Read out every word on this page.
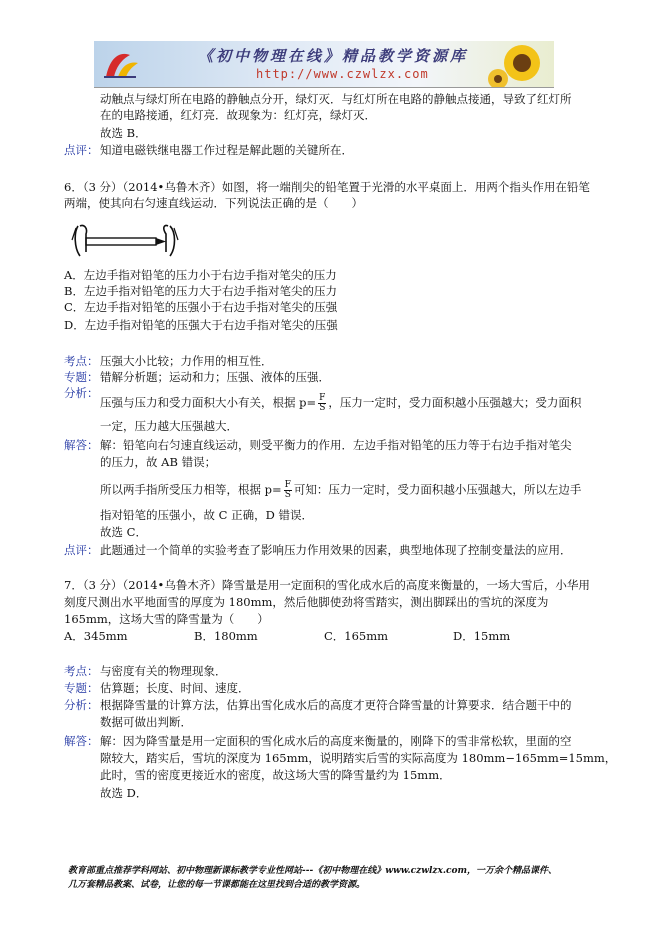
《初中物理在线》精品教学资源库
http://www.czwlzx.com
动触点与绿灯所在电路的静触点分开，绿灯灭．与红灯所在电路的静触点接通，导致了红灯所
在的电路接通，红灯亮．故现象为：红灯亮，绿灯灭．
故选 B．
点评： 知道电磁铁继电器工作过程是解此题的关键所在．
6．（3 分）（2014•乌鲁木齐）如图，将一端削尖的铅笔置于光滑的水平桌面上．用两个指头作用在铅笔
两端，使其向右匀速直线运动．下列说法正确的是（　　）
A．左边手指对铅笔的压力小于右边手指对笔尖的压力
B．左边手指对铅笔的压力大于右边手指对笔尖的压力
C．左边手指对铅笔的压强小于右边手指对笔尖的压强
D．左边手指对铅笔的压强大于右边手指对笔尖的压强
考点： 压强大小比较；力作用的相互性．
专题： 错解分析题；运动和力；压强、液体的压强．
分析：
压强与压力和受力面积大小有关，根据 $p= \frac{F}{S}$ ，压力一定时，受力面积越小压强越大；受力面积
一定，压力越大压强越大．
解答： 解：铅笔向右匀速直线运动，则受平衡力的作用．左边手指对铅笔的压力等于右边手指对笔尖
的压力，故 AB 错误；
所以两手指所受压力相等，根据 $p= \frac{F}{S}$ 可知：压力一定时，受力面积越小压强越大，所以左边手
指对铅笔的压强小，故 C 正确，D 错误．
故选 C．
点评： 此题通过一个简单的实验考查了影响压力作用效果的因素，典型地体现了控制变量法的应用．
7．（3 分）（2014•乌鲁木齐）降雪量是用一定面积的雪化成水后的高度来衡量的，一场大雪后，小华用
刻度尺测出水平地面雪的厚度为 180mm，然后他脚使劲将雪踏实，测出脚踩出的雪坑的深度为
165mm，这场大雪的降雪量为（　　）
A．345mm	B．180mm	C．165mm	D．15mm
考点： 与密度有关的物理现象．
专题： 估算题；长度、时间、速度．
分析： 根据降雪量的计算方法，估算出雪化成水后的高度才更符合降雪量的计算要求．结合题干中的
数据可做出判断．
解答： 解：因为降雪量是用一定面积的雪化成水后的高度来衡量的，刚降下的雪非常松软，里面的空
隙较大，踏实后，雪坑的深度为 165mm，说明踏实后雪的实际高度为 180mm−165mm=15mm，
此时，雪的密度更接近水的密度，故这场大雪的降雪量约为 15mm．
故选 D．
教育部重点推荐学科网站、初中物理新课标教学专业性网站---《初中物理在线》www.czwlzx.com，一万余个精品课件、
几万套精品教案、试卷，让您的每一节课都能在这里找到合适的教学资源。
